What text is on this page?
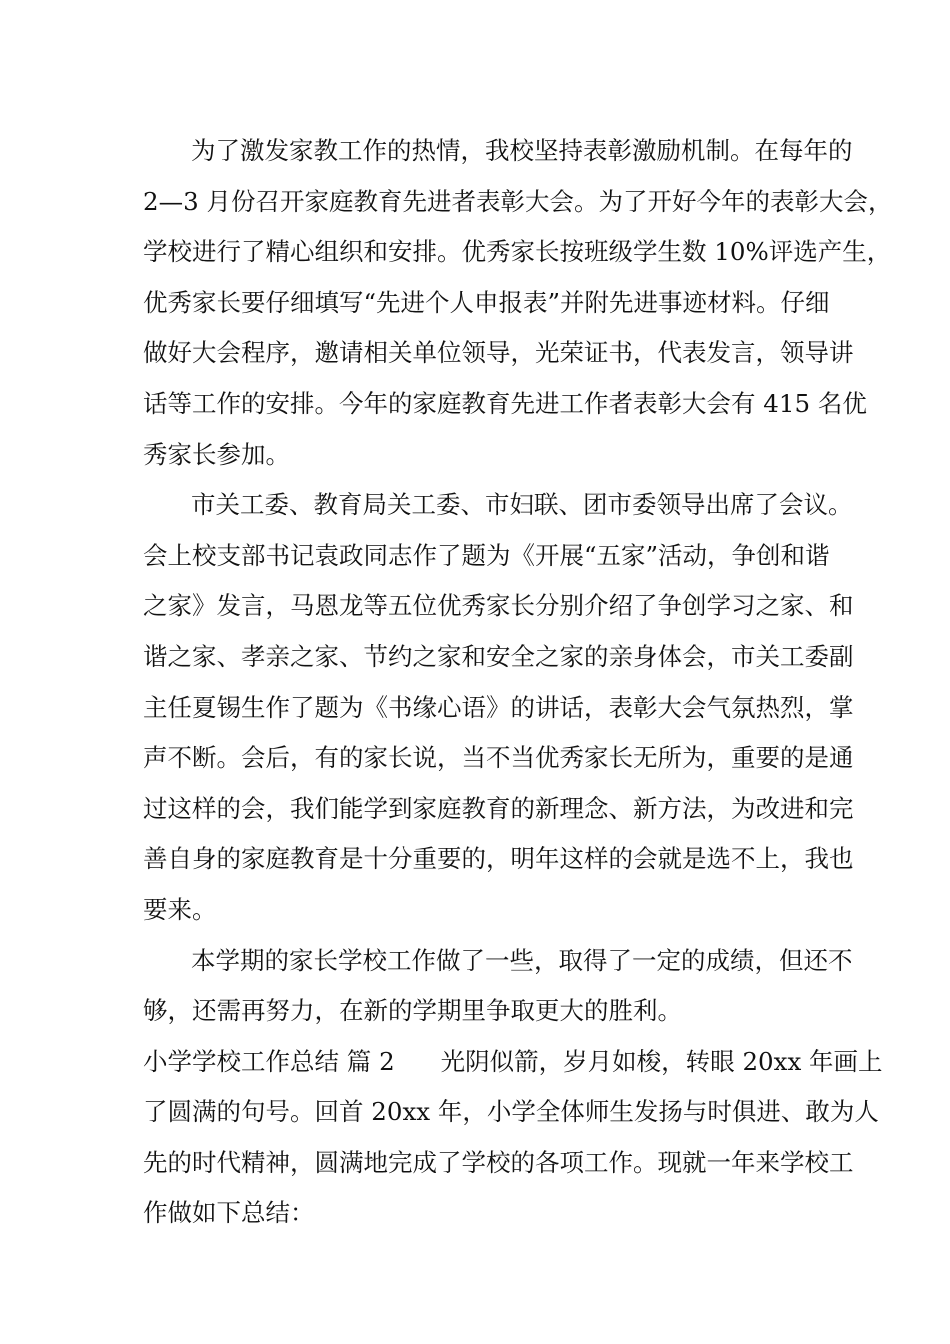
为了激发家教工作的热情，我校坚持表彰激励机制。在每年的
2—3 月份召开家庭教育先进者表彰大会。为了开好今年的表彰大会，
学校进行了精心组织和安排。优秀家长按班级学生数 10%评选产生，
优秀家长要仔细填写“先进个人申报表”并附先进事迹材料。仔细
做好大会程序，邀请相关单位领导，光荣证书，代表发言，领导讲
话等工作的安排。今年的家庭教育先进工作者表彰大会有 415 名优
秀家长参加。
市关工委、教育局关工委、市妇联、团市委领导出席了会议。
会上校支部书记袁政同志作了题为《开展“五家”活动，争创和谐
之家》发言，马恩龙等五位优秀家长分别介绍了争创学习之家、和
谐之家、孝亲之家、节约之家和安全之家的亲身体会，市关工委副
主任夏锡生作了题为《书缘心语》的讲话，表彰大会气氛热烈，掌
声不断。会后，有的家长说，当不当优秀家长无所为，重要的是通
过这样的会，我们能学到家庭教育的新理念、新方法，为改进和完
善自身的家庭教育是十分重要的，明年这样的会就是选不上，我也
要来。
本学期的家长学校工作做了一些，取得了一定的成绩，但还不
够，还需再努力，在新的学期里争取更大的胜利。
小学学校工作总结 篇 2 光阴似箭，岁月如梭，转眼 20xx 年画上
了圆满的句号。回首 20xx 年，小学全体师生发扬与时俱进、敢为人
先的时代精神，圆满地完成了学校的各项工作。现就一年来学校工
作做如下总结：
